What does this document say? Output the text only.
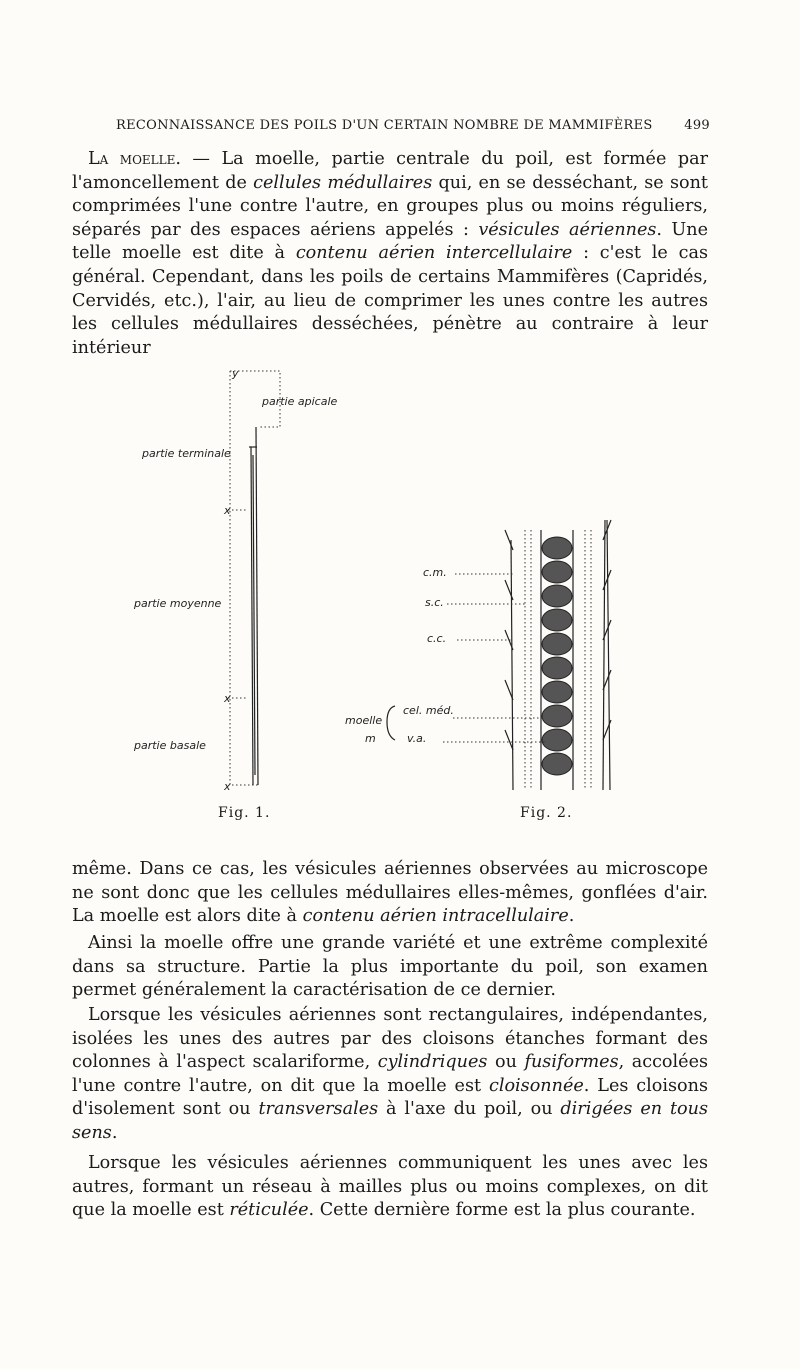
RECONNAISSANCE DES POILS D'UN CERTAIN NOMBRE DE MAMMIFÈRES 499

La moelle. — La moelle, partie centrale du poil, est formée par l'amoncellement de cellules médullaires qui, en se desséchant, se sont comprimées l'une contre l'autre, en groupes plus ou moins réguliers, séparés par des espaces aériens appelés : vésicules aériennes. Une telle moelle est dite à contenu aérien intercellulaire : c'est le cas général. Cependant, dans les poils de certains Mammifères (Capridés, Cervidés, etc.), l'air, au lieu de comprimer les unes contre les autres les cellules médullaires desséchées, pénètre au contraire à leur intérieur

x
x
x
y
partie apicale
partie terminale
partie moyenne
partie basale
c.m.
s.c.
c.c.
moelle
m
cel. méd.
v.a.
Fig. 1.	Fig. 2.

même. Dans ce cas, les vésicules aériennes observées au microscope ne sont donc que les cellules médullaires elles-mêmes, gonflées d'air. La moelle est alors dite à contenu aérien intracellulaire.

Ainsi la moelle offre une grande variété et une extrême complexité dans sa structure. Partie la plus importante du poil, son examen permet généralement la caractérisation de ce dernier.

Lorsque les vésicules aériennes sont rectangulaires, indépendantes, isolées les unes des autres par des cloisons étanches formant des colonnes à l'aspect scalariforme, cylindriques ou fusiformes, accolées l'une contre l'autre, on dit que la moelle est cloisonnée. Les cloisons d'isolement sont ou transversales à l'axe du poil, ou dirigées en tous sens.

Lorsque les vésicules aériennes communiquent les unes avec les autres, formant un réseau à mailles plus ou moins complexes, on dit que la moelle est réticulée. Cette dernière forme est la plus courante.
